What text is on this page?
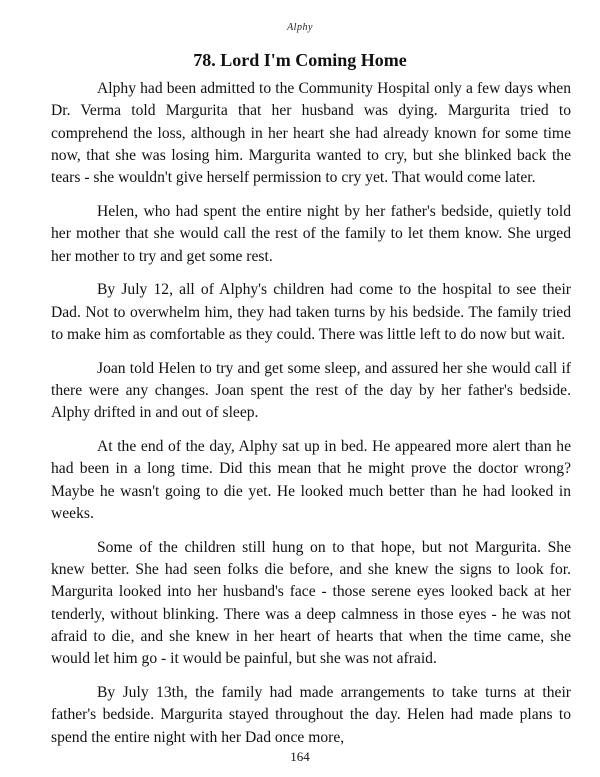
Alphy
78. Lord I'm Coming Home

Alphy had been admitted to the Community Hospital only a few days when Dr. Verma told Margurita that her husband was dying. Margurita tried to comprehend the loss, although in her heart she had already known for some time now, that she was losing him. Margurita wanted to cry, but she blinked back the tears - she wouldn't give herself permission to cry yet. That would come later.

Helen, who had spent the entire night by her father's bedside, quietly told her mother that she would call the rest of the family to let them know. She urged her mother to try and get some rest.

By July 12, all of Alphy's children had come to the hospital to see their Dad. Not to overwhelm him, they had taken turns by his bedside. The family tried to make him as comfortable as they could. There was little left to do now but wait.

Joan told Helen to try and get some sleep, and assured her she would call if there were any changes. Joan spent the rest of the day by her father's bedside. Alphy drifted in and out of sleep.

At the end of the day, Alphy sat up in bed. He appeared more alert than he had been in a long time. Did this mean that he might prove the doctor wrong? Maybe he wasn't going to die yet. He looked much better than he had looked in weeks.

Some of the children still hung on to that hope, but not Margurita. She knew better. She had seen folks die before, and she knew the signs to look for. Margurita looked into her husband's face - those serene eyes looked back at her tenderly, without blinking. There was a deep calmness in those eyes - he was not afraid to die, and she knew in her heart of hearts that when the time came, she would let him go - it would be painful, but she was not afraid.

By July 13th, the family had made arrangements to take turns at their father's bedside. Margurita stayed throughout the day. Helen had made plans to spend the entire night with her Dad once more,

164
